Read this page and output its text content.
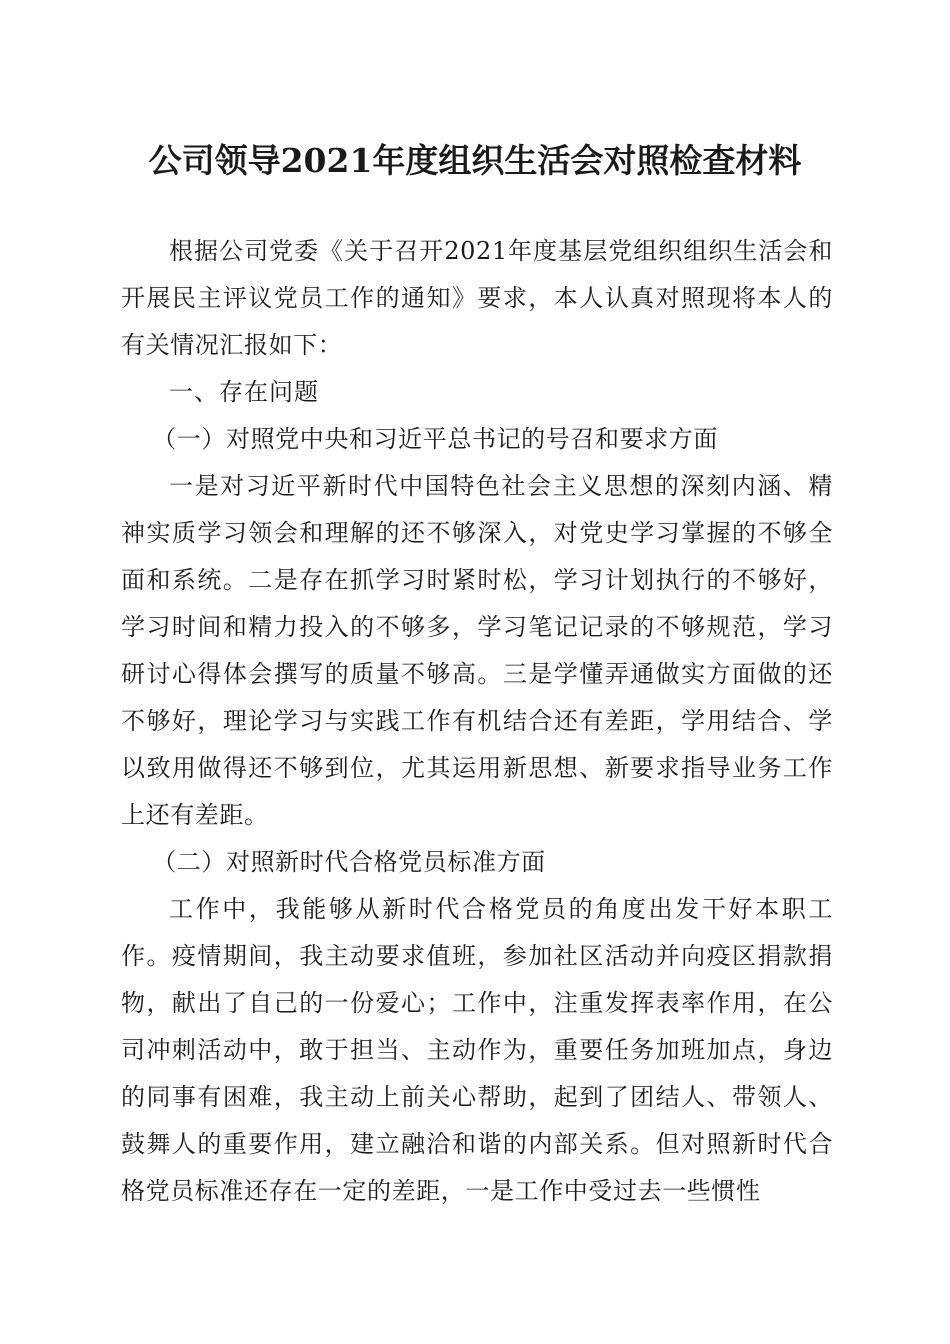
公司领导2021年度组织生活会对照检查材料

根据公司党委《关于召开2021年度基层党组织组织生活会和开展民主评议党员工作的通知》要求，本人认真对照现将本人的有关情况汇报如下：

一、存在问题

（一）对照党中央和习近平总书记的号召和要求方面

一是对习近平新时代中国特色社会主义思想的深刻内涵、精神实质学习领会和理解的还不够深入，对党史学习掌握的不够全面和系统。二是存在抓学习时紧时松，学习计划执行的不够好，学习时间和精力投入的不够多，学习笔记记录的不够规范，学习研讨心得体会撰写的质量不够高。三是学懂弄通做实方面做的还不够好，理论学习与实践工作有机结合还有差距，学用结合、学以致用做得还不够到位，尤其运用新思想、新要求指导业务工作上还有差距。

（二）对照新时代合格党员标准方面

工作中，我能够从新时代合格党员的角度出发干好本职工作。疫情期间，我主动要求值班，参加社区活动并向疫区捐款捐物，献出了自己的一份爱心；工作中，注重发挥表率作用，在公司冲刺活动中，敢于担当、主动作为，重要任务加班加点，身边的同事有困难，我主动上前关心帮助，起到了团结人、带领人、鼓舞人的重要作用，建立融洽和谐的内部关系。但对照新时代合格党员标准还存在一定的差距，一是工作中受过去一些惯性
